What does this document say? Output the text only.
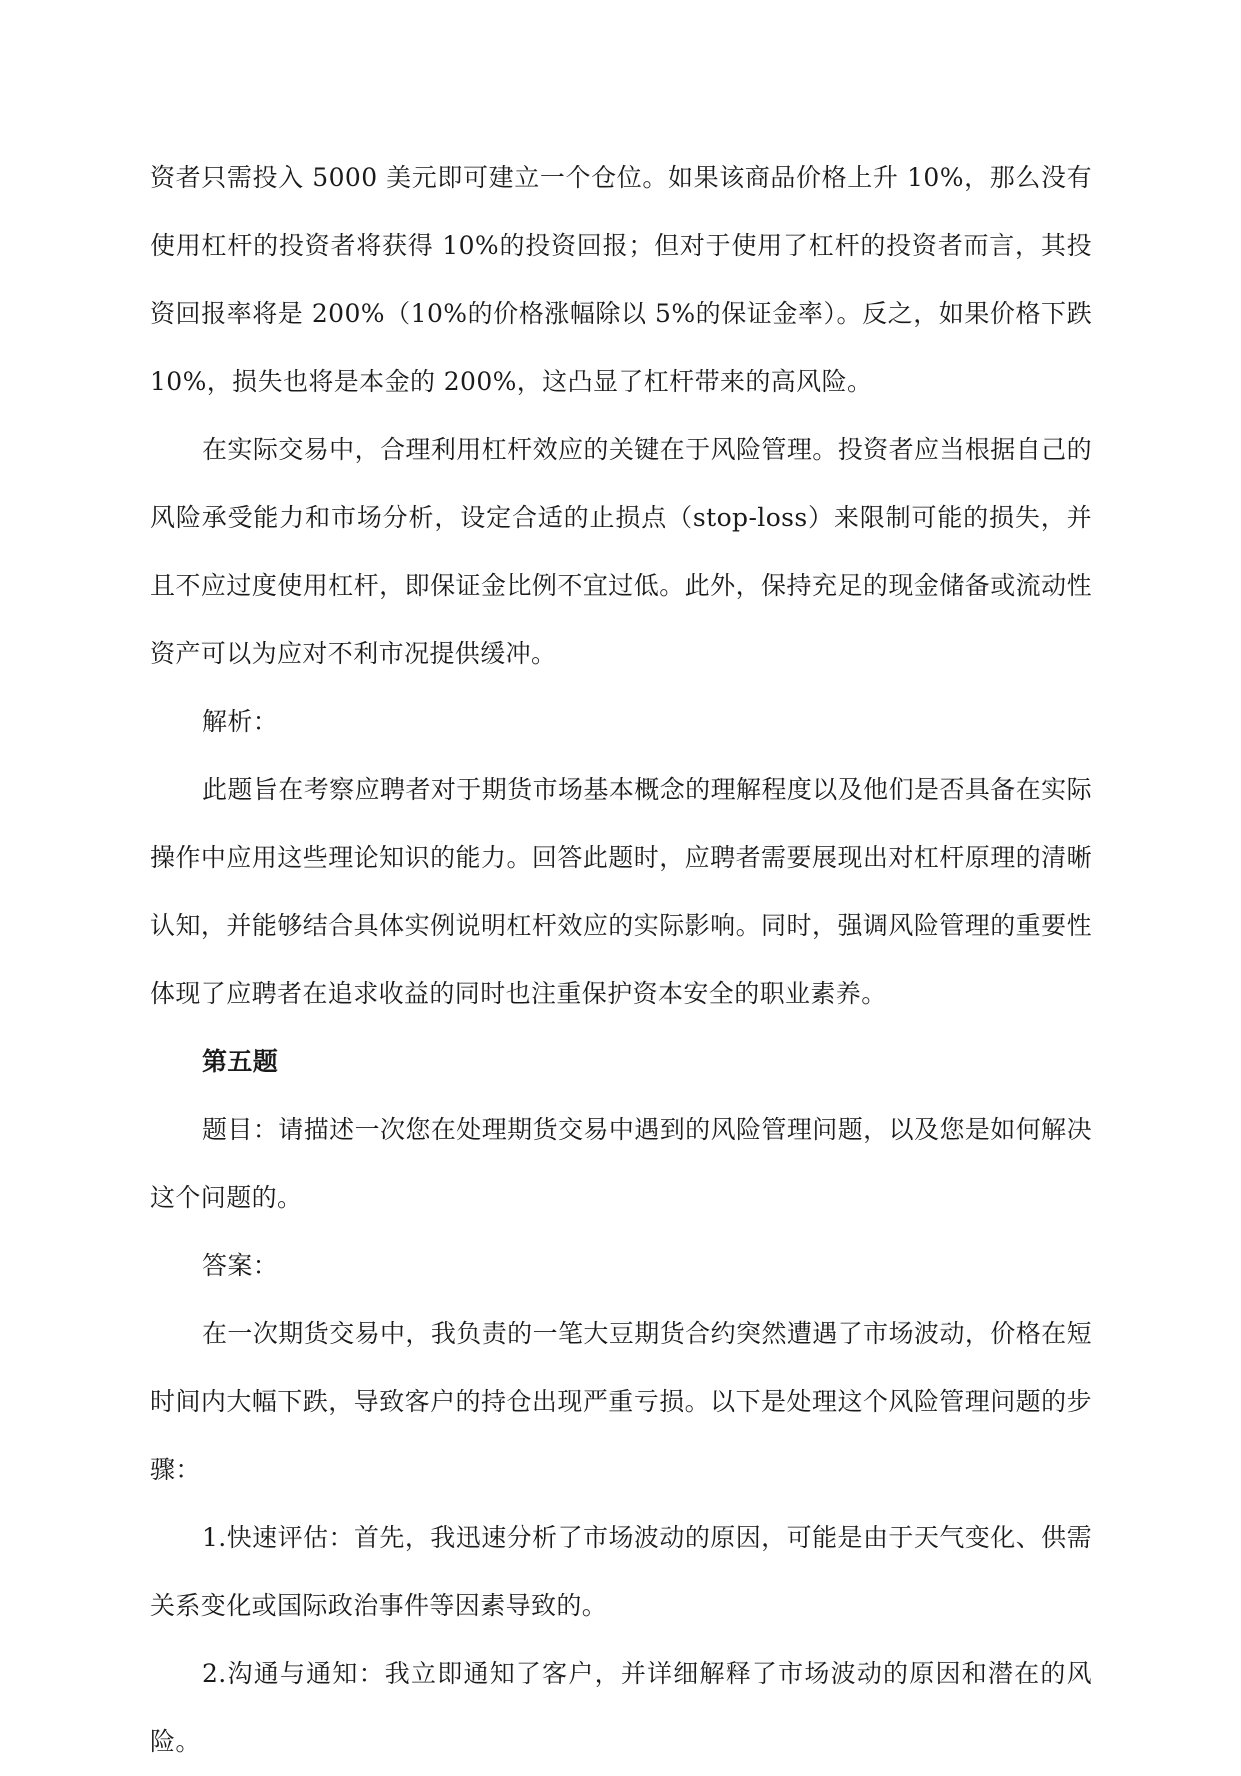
资者只需投入 5000 美元即可建立一个仓位。如果该商品价格上升 10%，那么没有使用杠杆的投资者将获得 10%的投资回报；但对于使用了杠杆的投资者而言，其投资回报率将是 200%（10%的价格涨幅除以 5%的保证金率）。反之，如果价格下跌 10%，损失也将是本金的 200%，这凸显了杠杆带来的高风险。

在实际交易中，合理利用杠杆效应的关键在于风险管理。投资者应当根据自己的风险承受能力和市场分析，设定合适的止损点（stop-loss）来限制可能的损失，并且不应过度使用杠杆，即保证金比例不宜过低。此外，保持充足的现金储备或流动性资产可以为应对不利市况提供缓冲。

解析：

此题旨在考察应聘者对于期货市场基本概念的理解程度以及他们是否具备在实际操作中应用这些理论知识的能力。回答此题时，应聘者需要展现出对杠杆原理的清晰认知，并能够结合具体实例说明杠杆效应的实际影响。同时，强调风险管理的重要性体现了应聘者在追求收益的同时也注重保护资本安全的职业素养。

第五题

题目：请描述一次您在处理期货交易中遇到的风险管理问题，以及您是如何解决这个问题的。

答案：

在一次期货交易中，我负责的一笔大豆期货合约突然遭遇了市场波动，价格在短时间内大幅下跌，导致客户的持仓出现严重亏损。以下是处理这个风险管理问题的步骤：

1.快速评估：首先，我迅速分析了市场波动的原因，可能是由于天气变化、供需关系变化或国际政治事件等因素导致的。

2.沟通与通知：我立即通知了客户，并详细解释了市场波动的原因和潜在的风险。
